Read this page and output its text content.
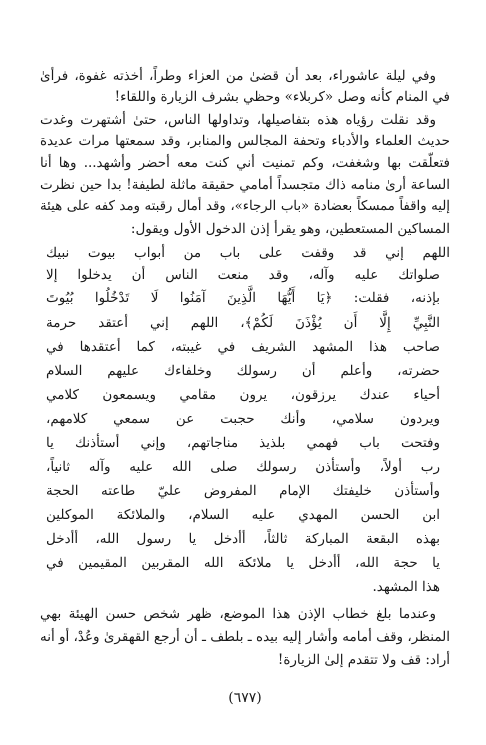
وفي ليلة عاشوراء، بعد أن قضىٰ من العزاء وطراً، أخذته غفوة، فرأىٰ
في المنام كأنه وصل «كربلاء» وحظي بشرف الزيارة واللقاء!
وقد نقلت رؤياه هذه بتفاصيلها، وتداولها الناس، حتىٰ أشتهرت وغدت
حديث العلماء والأدباء وتحفة المجالس والمنابر، وقد سمعتها مرات عديدة
فتعلّقت بها وشغفت، وكم تمنيت أني كنت معه أحضر وأشهد... وها أنا
الساعة أرىٰ منامه ذاك متجسداً أمامي حقيقة ماثلة لطيفة! بدا حين نظرت
إليه واقفاً ممسكاً بعضادة «باب الرجاء»، وقد أمال رقبته ومد كفه على هيئة
المساكين المستعطين، وهو يقرأ إذن الدخول الأول ويقول:
اللهم إني قد وقفت على باب من أبواب بيوت نبيك
صلواتك عليه وآله، وقد منعت الناس أن يدخلوا إلا
بإذنه، فقلت: ﴿يَا أَيُّهَا الَّذِينَ آمَنُوا لَا تَدْخُلُوا بُيُوتَ
النَّبِيِّ إِلَّا أَن يُؤْذَنَ لَكُمْ﴾، اللهم إني أعتقد حرمة
صاحب هذا المشهد الشريف في غيبته، كما أعتقدها في
حضرته، وأعلم أن رسولك وخلفاءك عليهم السلام
أحياء عندك يرزقون، يرون مقامي ويسمعون كلامي
ويردون سلامي، وأنك حجبت عن سمعي كلامهم،
وفتحت باب فهمي بلذيذ مناجاتهم، وإني أستأذنك يا
رب أولاً، وأستأذن رسولك صلى الله عليه وآله ثانياً،
وأستأذن خليفتك الإمام المفروض عليّ طاعته الحجة
ابن الحسن المهدي عليه السلام، والملائكة الموكلين
بهذه البقعة المباركة ثالثاً، أأدخل يا رسول الله، أأدخل
يا حجة الله، أأدخل يا ملائكة الله المقربين المقيمين في
هذا المشهد.
وعندما بلغ خطاب الإذن هذا الموضع، ظهر شخص حسن الهيئة بهي
المنظر، وقف أمامه وأشار إليه بيده ـ بلطف ـ أن أرجع القهقرىٰ وعُدْ، أو أنه
أراد: قف ولا تتقدم إلىٰ الزيارة!
(٦٧٧)
